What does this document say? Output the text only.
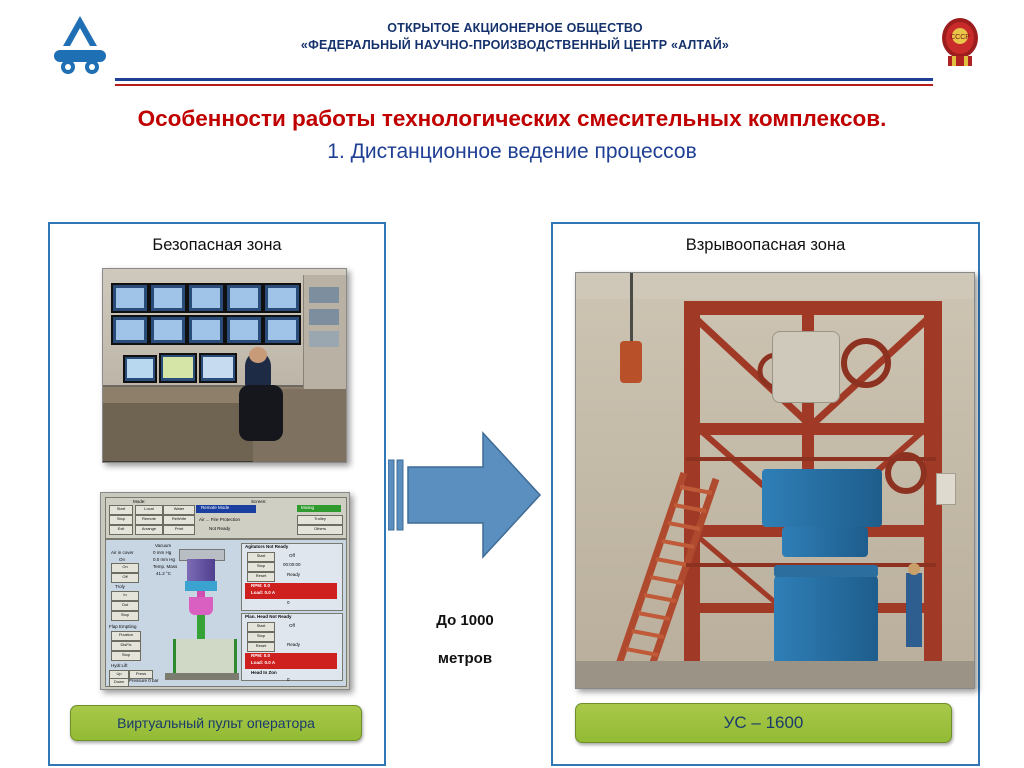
ОТКРЫТОЕ АКЦИОНЕРНОЕ ОБЩЕСТВО
«ФЕДЕРАЛЬНЫЙ НАУЧНО-ПРОИЗВОДСТВЕННЫЙ ЦЕНТР «АЛТАЙ»
СССР
Особенности работы технологических смесительных комплексов.
1. Дистанционное ведение процессов
Безопасная зона
Mode:	Screen:
Remote Mode	Mixing
Start
Stop
Exit
Local	Water
Remote	ReWrite
Arrange	Print
Trolley
Others
Air ... Fire Protection
Not Ready
Vacuum
0 mm Hg
0.0 mm Hg
Temp. Mass
41.2 °C
Air in cover
On
On
Off
Troly
In
Out
Stop
Flap Emptiing
Fixation
DisFix
Stop
Hydr.Lift
Up	Press
Down	Pressure 0 bar
Agitators Not Ready
Start	Off
Stop	00:00:00
Reset	Ready
RPM: 0.0
Load: 0.0 A
0
Plan. Head Not Ready
Start	Off
Stop
Reset	Ready
RPM: 0.0
Load: 0.0 A
Head In Zon
0
Виртуальный пульт оператора
До 1000
метров
Взрывоопасная зона
УС – 1600
